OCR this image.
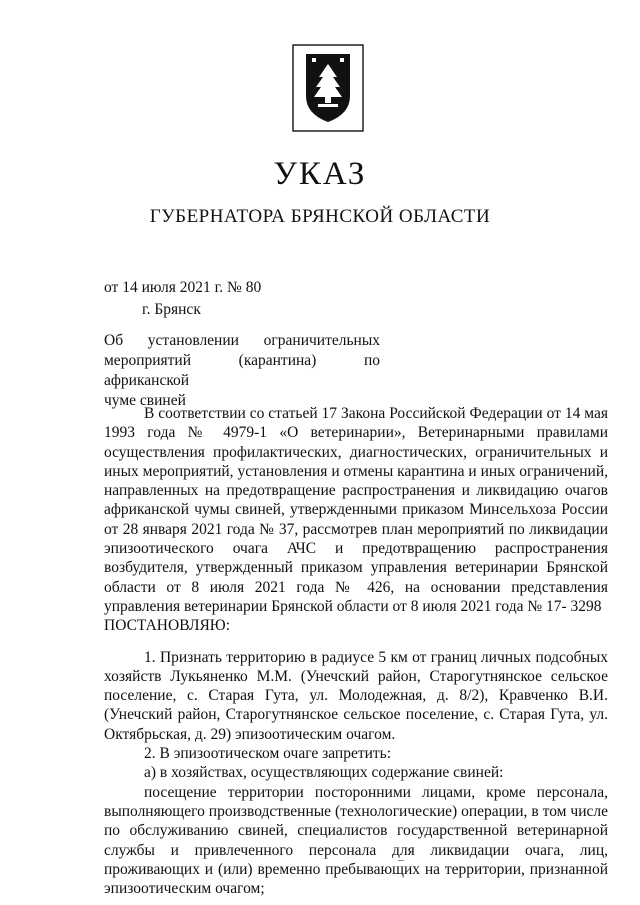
УКАЗ
ГУБЕРНАТОРА БРЯНСКОЙ ОБЛАСТИ
от 14 июля 2021 г. № 80
г. Брянск
Об установлении ограничительных
мероприятий (карантина) по африканской
чуме свиней

В соответствии со статьей 17 Закона Российской Федерации от 14 мая 1993 года № 4979-1 «О ветеринарии», Ветеринарными правилами осуществления профилактических, диагностических, ограничительных и иных мероприятий, установления и отмены карантина и иных ограничений, направленных на предотвращение распространения и ликвидацию очагов африканской чумы свиней, утвержденными приказом Минсельхоза России от 28 января 2021 года № 37, рассмотрев план мероприятий по ликвидации эпизоотического очага АЧС и предотвращению распространения возбудителя, утвержденный приказом управления ветеринарии Брянской области от 8 июля 2021 года № 426, на основании представления управления ветеринарии Брянской области от 8 июля 2021 года № 17- 3298

ПОСТАНОВЛЯЮ:

1. Признать территорию в радиусе 5 км от границ личных подсобных хозяйств Лукьяненко М.М. (Унечский район, Старогутнянское сельское поселение, с. Старая Гута, ул. Молодежная, д. 8/2), Кравченко В.И. (Унечский район, Старогутнянское сельское поселение, с. Старая Гута, ул. Октябрьская, д. 29) эпизоотическим очагом.

2. В эпизоотическом очаге запретить:

а) в хозяйствах, осуществляющих содержание свиней:

посещение территории посторонними лицами, кроме персонала, выполняющего производственные (технологические) операции, в том числе по обслуживанию свиней, специалистов государственной ветеринарной службы и привлеченного персонала для ликвидации очага, лиц, проживающих и (или) временно пребывающих на территории, признанной эпизоотическим очагом;
